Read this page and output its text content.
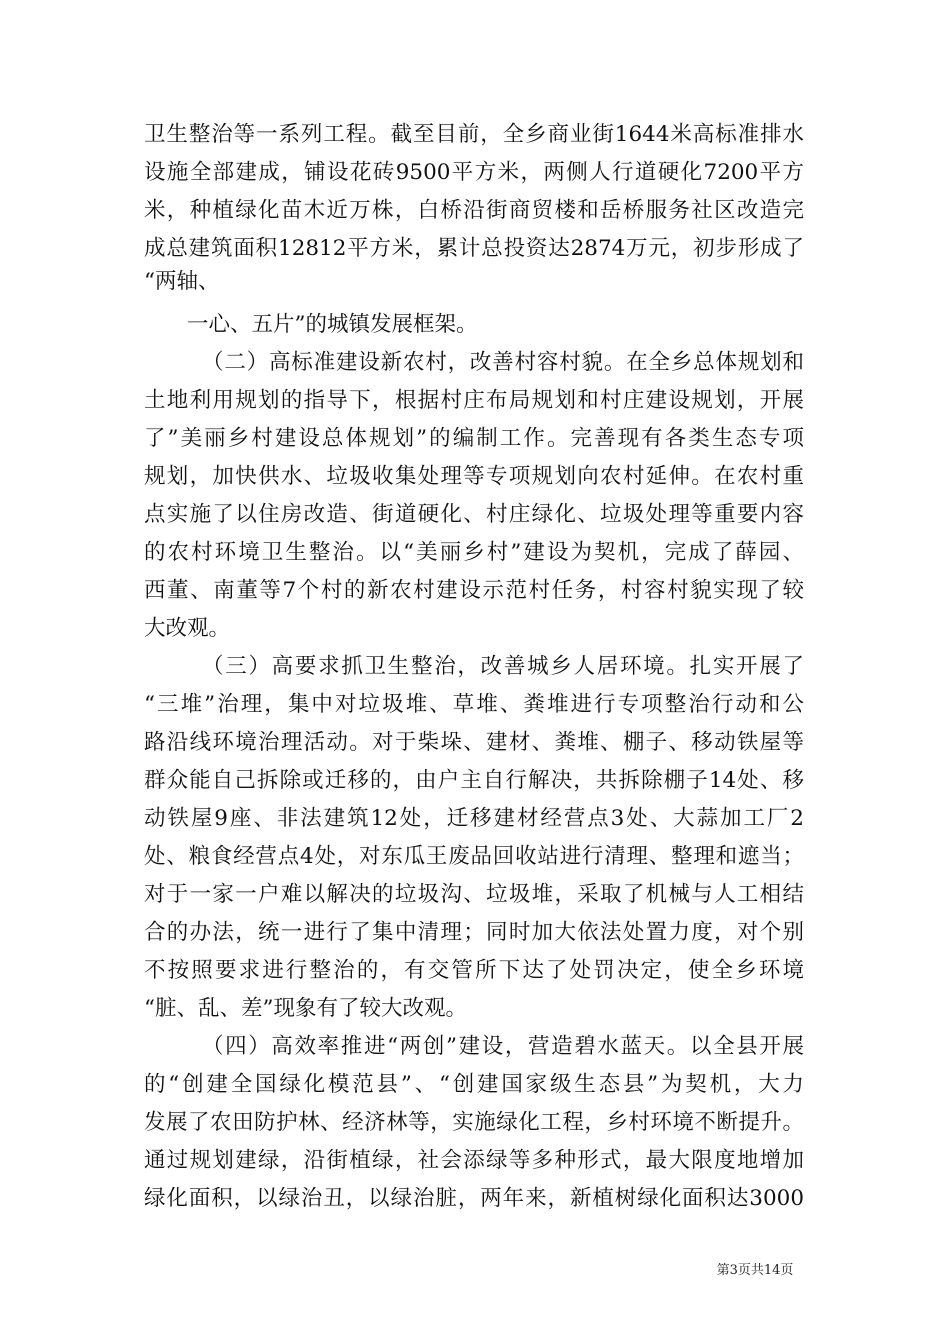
卫生整治等一系列工程。截至目前，全乡商业街1644米高标准排水
设施全部建成，铺设花砖9500平方米，两侧人行道硬化7200平方
米，种植绿化苗木近万株，白桥沿街商贸楼和岳桥服务社区改造完
成总建筑面积12812平方米，累计总投资达2874万元，初步形成了
“两轴、
一心、五片”的城镇发展框架。
（二）高标准建设新农村，改善村容村貌。在全乡总体规划和
土地利用规划的指导下，根据村庄布局规划和村庄建设规划，开展
了”美丽乡村建设总体规划”的编制工作。完善现有各类生态专项
规划，加快供水、垃圾收集处理等专项规划向农村延伸。在农村重
点实施了以住房改造、街道硬化、村庄绿化、垃圾处理等重要内容
的农村环境卫生整治。以“美丽乡村”建设为契机，完成了薛园、
西董、南董等7个村的新农村建设示范村任务，村容村貌实现了较
大改观。
（三）高要求抓卫生整治，改善城乡人居环境。扎实开展了
“三堆”治理，集中对垃圾堆、草堆、粪堆进行专项整治行动和公
路沿线环境治理活动。对于柴垛、建材、粪堆、棚子、移动铁屋等
群众能自己拆除或迁移的，由户主自行解决，共拆除棚子14处、移
动铁屋9座、非法建筑12处，迁移建材经营点3处、大蒜加工厂2
处、粮食经营点4处，对东瓜王废品回收站进行清理、整理和遮当；
对于一家一户难以解决的垃圾沟、垃圾堆，采取了机械与人工相结
合的办法，统一进行了集中清理；同时加大依法处置力度，对个别
不按照要求进行整治的，有交管所下达了处罚决定，使全乡环境
“脏、乱、差”现象有了较大改观。
（四）高效率推进“两创”建设，营造碧水蓝天。以全县开展
的“创建全国绿化模范县”、“创建国家级生态县”为契机，大力
发展了农田防护林、经济林等，实施绿化工程，乡村环境不断提升。
通过规划建绿，沿街植绿，社会添绿等多种形式，最大限度地增加
绿化面积，以绿治丑，以绿治脏，两年来，新植树绿化面积达3000
第3页共14页
